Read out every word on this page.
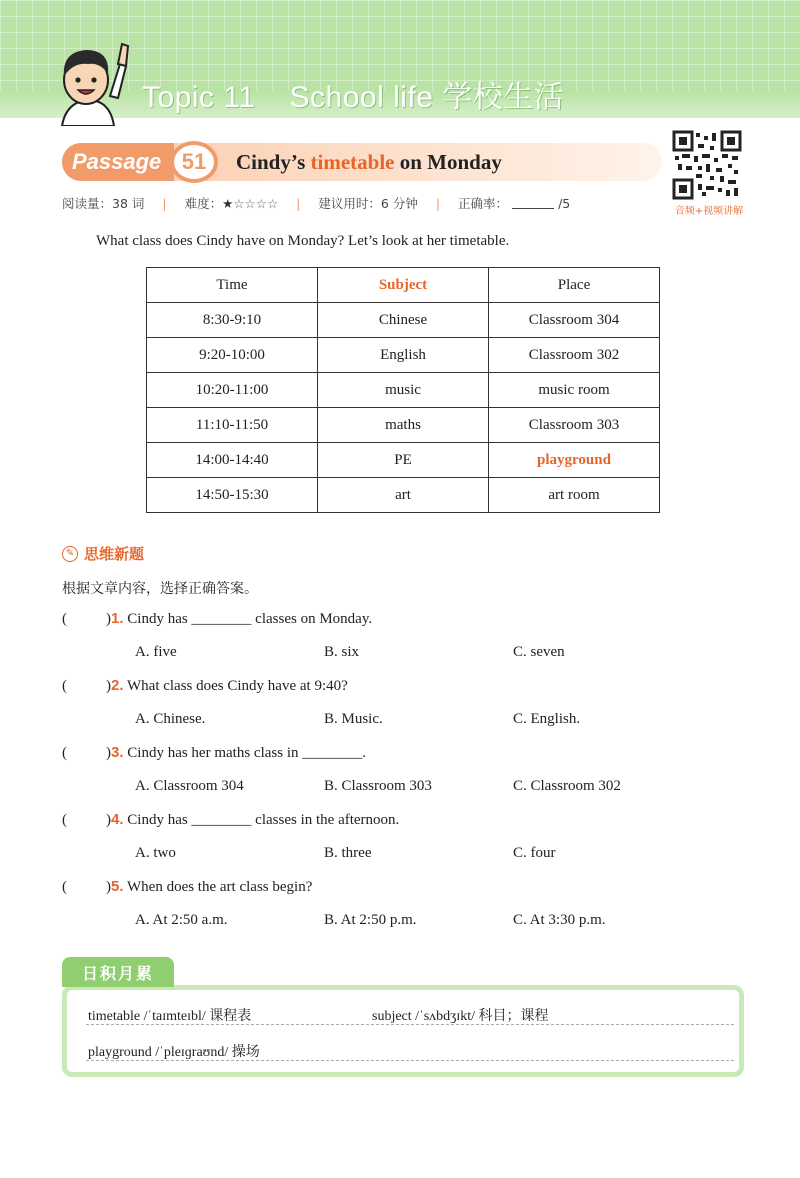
Topic 11 School life 学校生活
Passage 51	Cindy’s timetable on Monday
音频+视频讲解
阅读量：38 词 | 难度： ★ ☆☆☆☆ | 建议用时：6 分钟 | 正确率：	/5
What class does Cindy have on Monday? Let’s look at her timetable.
Time	Subject	Place
8:30-9:10	Chinese	Classroom 304
9:20-10:00	English	Classroom 302
10:20-11:00	music	music room
11:10-11:50	maths	Classroom 303
14:00-14:40	PE	playground
14:50-15:30	art	art room
✎ 思维新题
根据文章内容，选择正确答案。
(	)1. Cindy has ________ classes on Monday.
A. five	B. six	C. seven
(	)2. What class does Cindy have at 9:40?
A. Chinese.	B. Music.	C. English.
(	)3. Cindy has her maths class in ________.
A. Classroom 304	B. Classroom 303	C. Classroom 302
(	)4. Cindy has ________ classes in the afternoon.
A. two	B. three	C. four
(	)5. When does the art class begin?
A. At 2:50 a.m.	B. At 2:50 p.m.	C. At 3:30 p.m.
日积月累
timetable /ˈtaɪmteɪbl/ 课程表	subject /ˈsʌbdʒɪkt/ 科目；课程
playground /ˈpleɪɡraʊnd/ 操场
